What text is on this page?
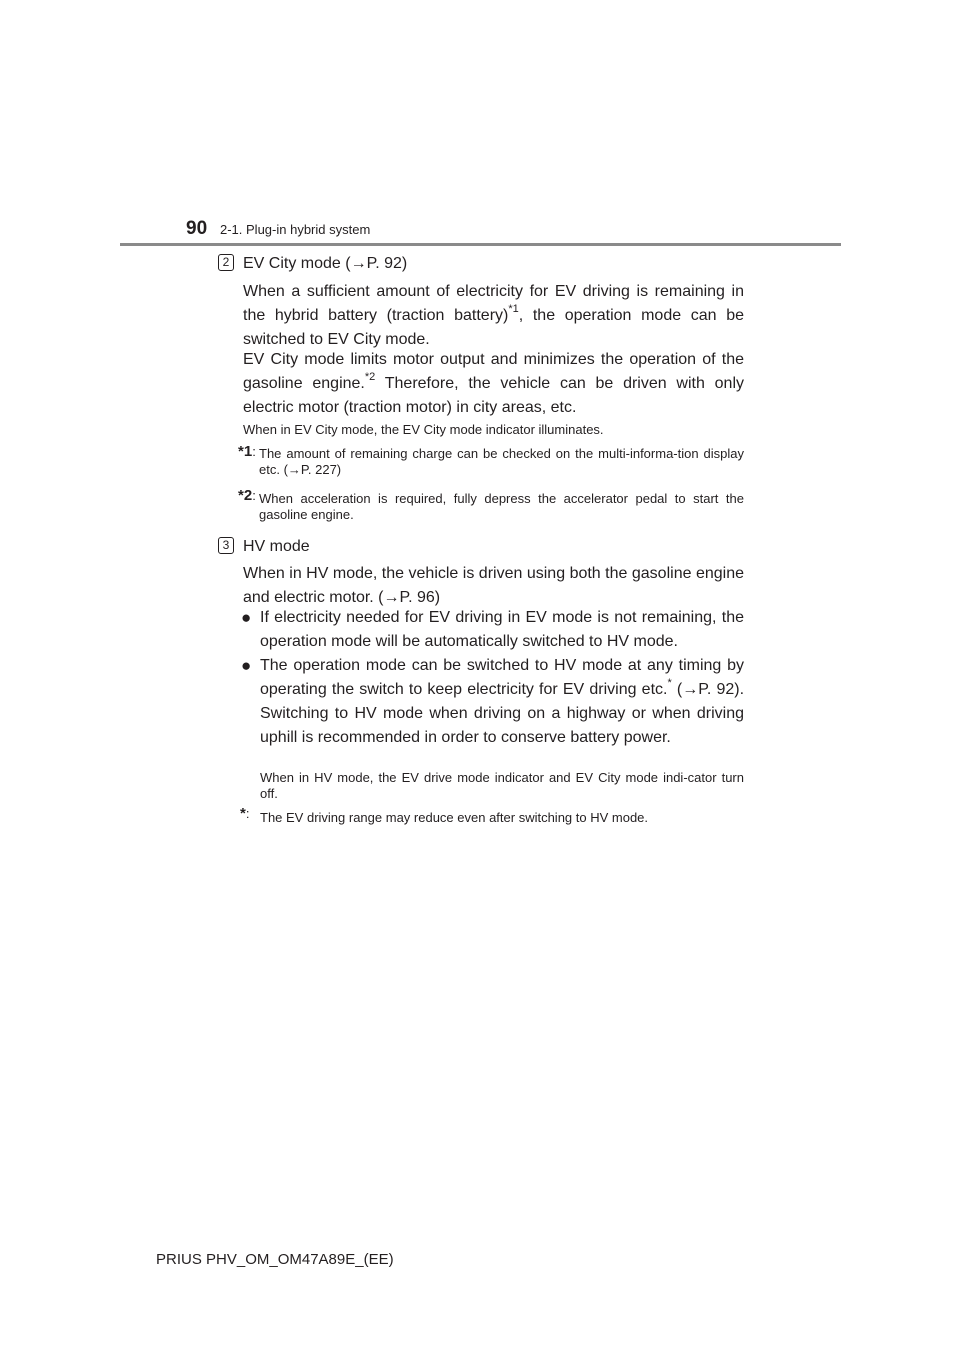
90 2-1. Plug-in hybrid system
2 EV City mode (→P. 92)
When a sufficient amount of electricity for EV driving is remaining in the hybrid battery (traction battery)$^{*1}$, the operation mode can be switched to EV City mode.
EV City mode limits motor output and minimizes the operation of the gasoline engine.$^{*2}$ Therefore, the vehicle can be driven with only electric motor (traction motor) in city areas, etc.
When in EV City mode, the EV City mode indicator illuminates.
*1: The amount of remaining charge can be checked on the multi-informa-tion display etc. (→P. 227)
*2: When acceleration is required, fully depress the accelerator pedal to start the gasoline engine.
3 HV mode
When in HV mode, the vehicle is driven using both the gasoline engine and electric motor. (→P. 96)
● If electricity needed for EV driving in EV mode is not remaining, the operation mode will be automatically switched to HV mode.
● The operation mode can be switched to HV mode at any timing by operating the switch to keep electricity for EV driving etc.* (→P. 92). Switching to HV mode when driving on a highway or when driving uphill is recommended in order to conserve battery power.
When in HV mode, the EV drive mode indicator and EV City mode indi-cator turn off.
*: The EV driving range may reduce even after switching to HV mode.
PRIUS PHV_OM_OM47A89E_(EE)
